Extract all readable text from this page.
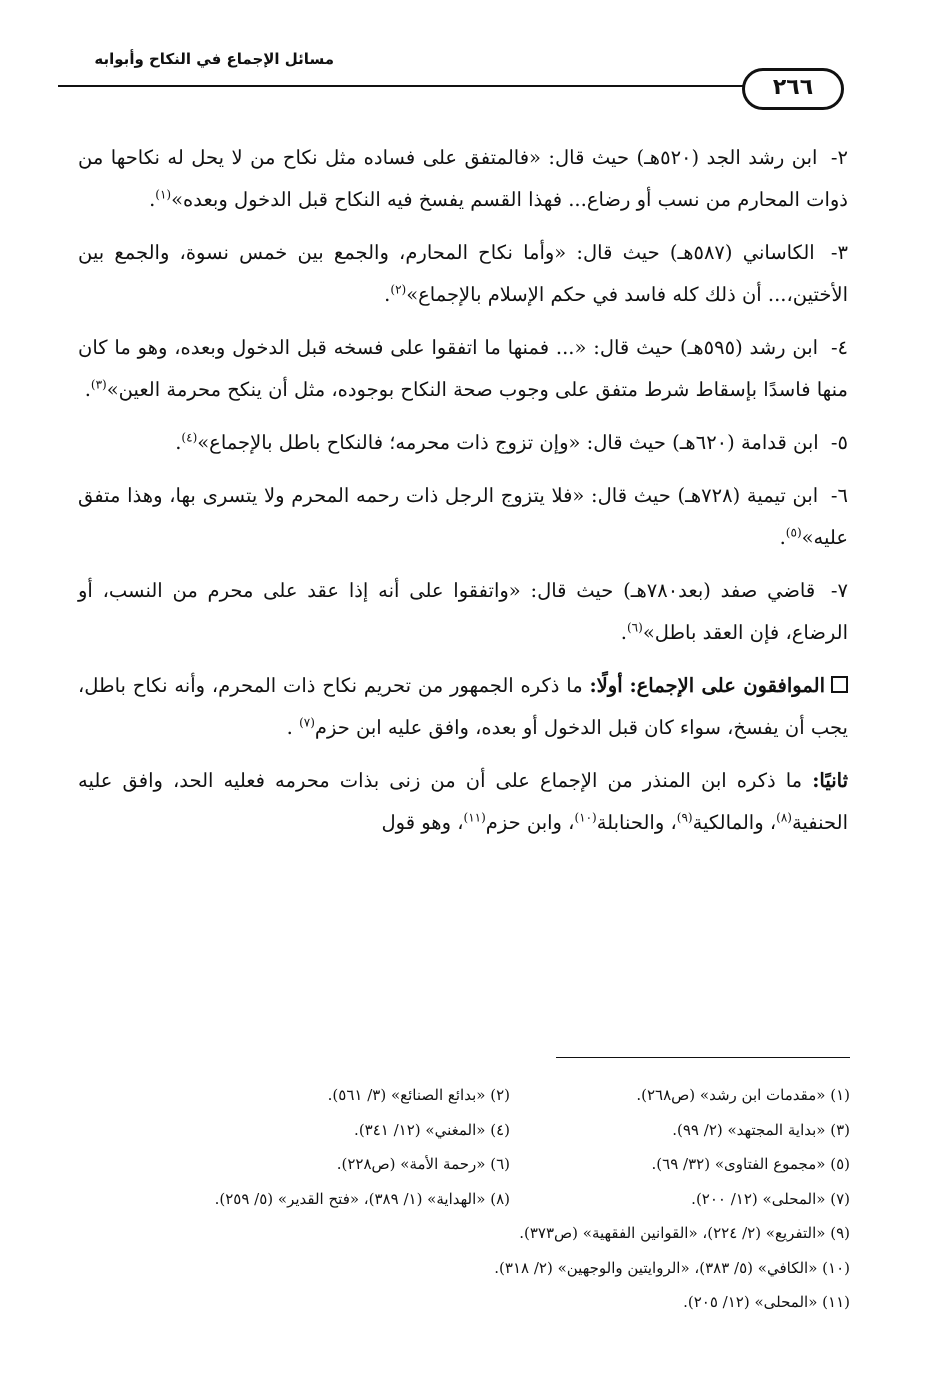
مسائل الإجماع في النكاح وأبوابه
٢٦٦

٢- ابن رشد الجد (٥٢٠هـ) حيث قال: «فالمتفق على فساده مثل نكاح من لا يحل له نكاحها من ذوات المحارم من نسب أو رضاع... فهذا القسم يفسخ فيه النكاح قبل الدخول وبعده»$^{(١)}$.

٣- الكاساني (٥٨٧هـ) حيث قال: «وأما نكاح المحارم، والجمع بين خمس نسوة، والجمع بين الأختين،... أن ذلك كله فاسد في حكم الإسلام بالإجماع»$^{(٢)}$.

٤- ابن رشد (٥٩٥هـ) حيث قال: «... فمنها ما اتفقوا على فسخه قبل الدخول وبعده، وهو ما كان منها فاسدًا بإسقاط شرط متفق على وجوب صحة النكاح بوجوده، مثل أن ينكح محرمة العين»$^{(٣)}$.

٥- ابن قدامة (٦٢٠هـ) حيث قال: «وإن تزوج ذات محرمه؛ فالنكاح باطل بالإجماع»$^{(٤)}$.

٦- ابن تيمية (٧٢٨هـ) حيث قال: «فلا يتزوج الرجل ذات رحمه المحرم ولا يتسرى بها، وهذا متفق عليه»$^{(٥)}$.

٧- قاضي صفد (بعد٧٨٠هـ) حيث قال: «واتفقوا على أنه إذا عقد على محرم من النسب، أو الرضاع، فإن العقد باطل»$^{(٦)}$.

الموافقون على الإجماع: أولًا: ما ذكره الجمهور من تحريم نكاح ذات المحرم، وأنه نكاح باطل، يجب أن يفسخ، سواء كان قبل الدخول أو بعده، وافق عليه ابن حزم$^{(٧)}$ .

ثانيًا: ما ذكره ابن المنذر من الإجماع على أن من زنى بذات محرمه فعليه الحد، وافق عليه الحنفية$^{(٨)}$، والمالكية$^{(٩)}$، والحنابلة$^{(١٠)}$، وابن حزم$^{(١١)}$، وهو قول

(١) «مقدمات ابن رشد» (ص٢٦٨).(٢) «بدائع الصنائع» (٣/ ٥٦١).
(٣) «بداية المجتهد» (٢/ ٩٩).(٤) «المغني» (١٢/ ٣٤١).
(٥) «مجموع الفتاوى» (٣٢/ ٦٩).(٦) «رحمة الأمة» (ص٢٢٨).
(٧) «المحلى» (١٢/ ٢٠٠).(٨) «الهداية» (١/ ٣٨٩)، «فتح القدير» (٥/ ٢٥٩).
(٩) «التفريع» (٢/ ٢٢٤)، «القوانين الفقهية» (ص٣٧٣).
(١٠) «الكافي» (٥/ ٣٨٣)، «الروايتين والوجهين» (٢/ ٣١٨).
(١١) «المحلى» (١٢/ ٢٠٥).
